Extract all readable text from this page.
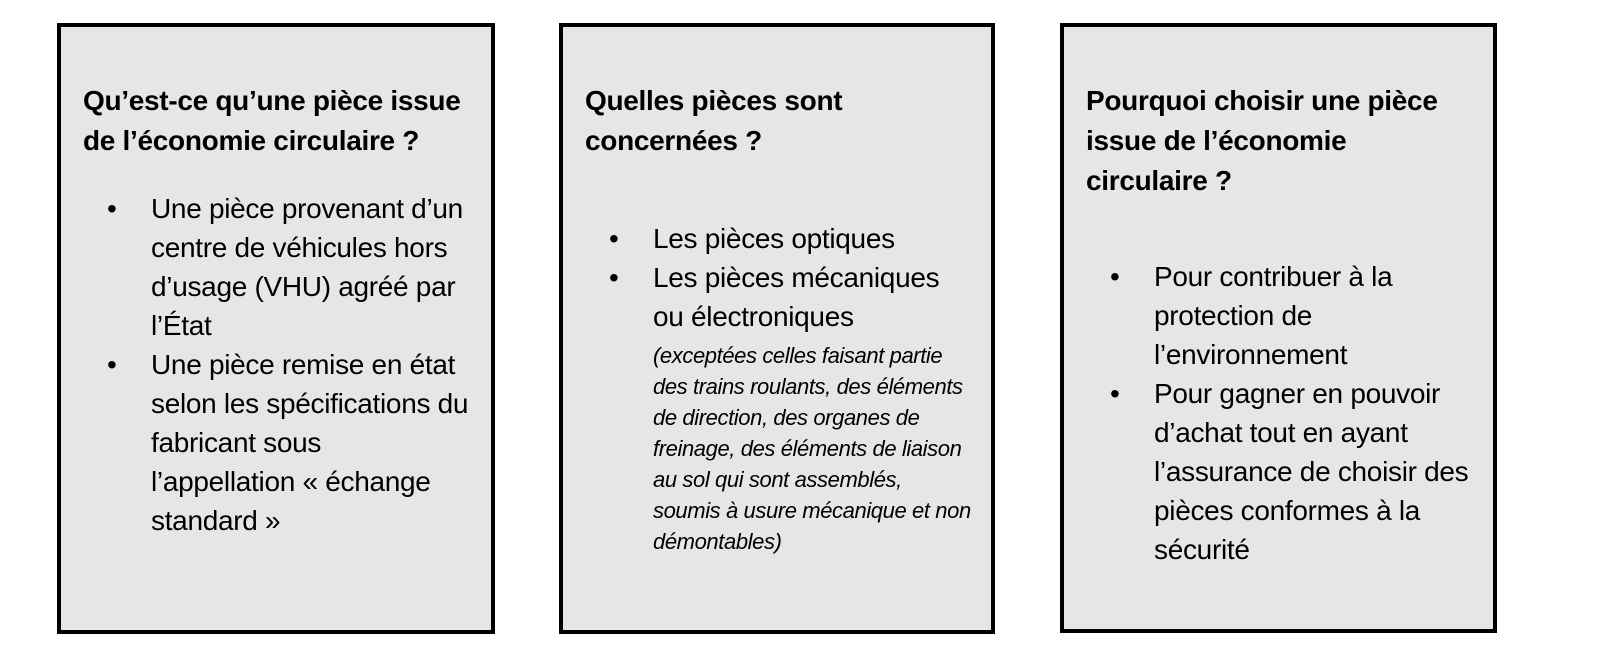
Qu’est-ce qu’une pièce issue de l’économie circulaire ?
• Une pièce provenant d’un centre de véhicules hors d’usage (VHU) agréé par l’État
• Une pièce remise en état selon les spécifications du fabricant sous l’appellation « échange standard »
Quelles pièces sont concernées ?
• Les pièces optiques
• Les pièces mécaniques ou électroniques
(exceptées celles faisant partie des trains roulants, des éléments de direction, des organes de freinage, des éléments de liaison au sol qui sont assemblés, soumis à usure mécanique et non démontables)
Pourquoi choisir une pièce issue de l’économie circulaire ?
• Pour contribuer à la protection de l’environnement
• Pour gagner en pouvoir d’achat tout en ayant l’assurance de choisir des pièces conformes à la sécurité
